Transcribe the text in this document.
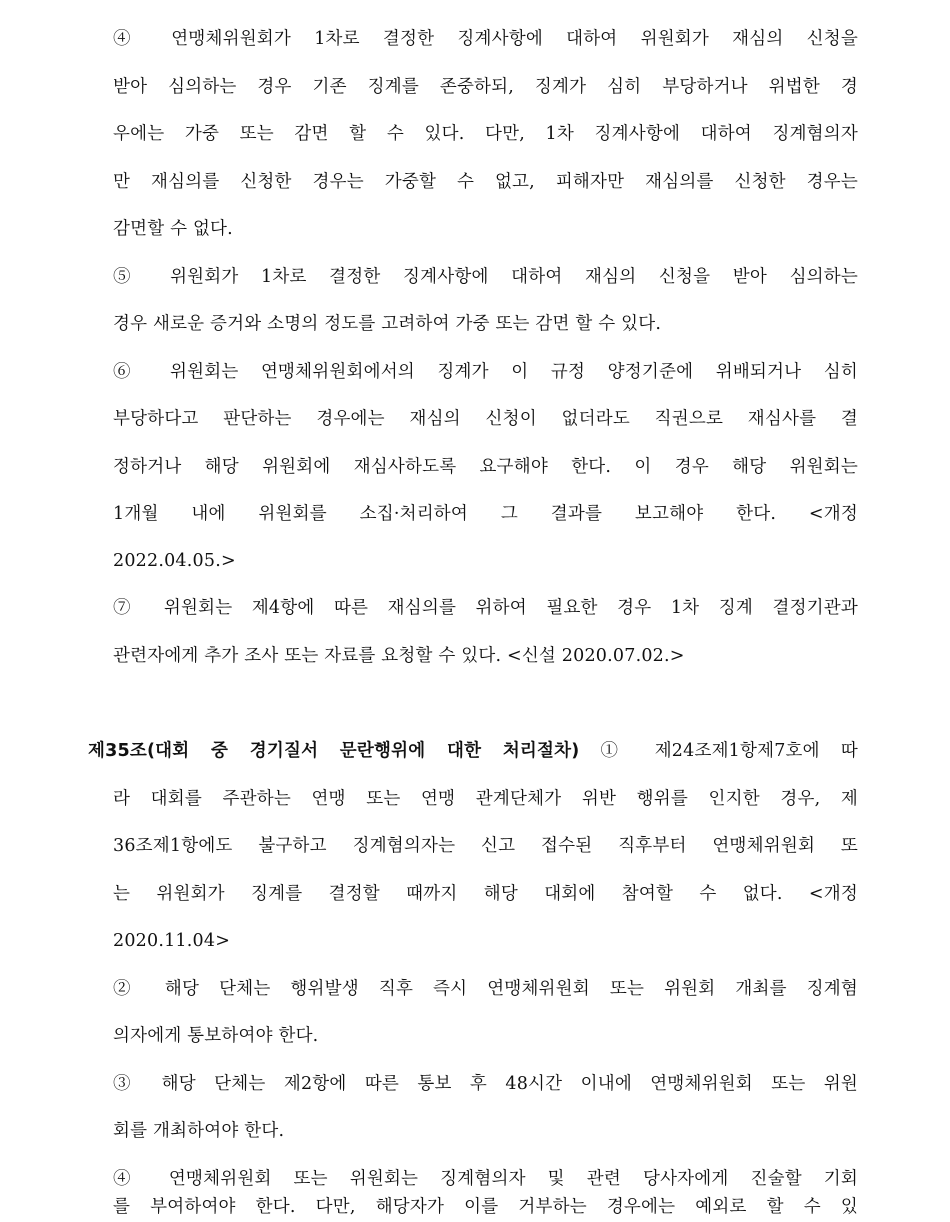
④ 연맹체위원회가 1차로 결정한 징계사항에 대하여 위원회가 재심의 신청을
받아 심의하는 경우 기존 징계를 존중하되, 징계가 심히 부당하거나 위법한 경
우에는 가중 또는 감면 할 수 있다. 다만, 1차 징계사항에 대하여 징계혐의자
만 재심의를 신청한 경우는 가중할 수 없고, 피해자만 재심의를 신청한 경우는
감면할 수 없다.
⑤ 위원회가 1차로 결정한 징계사항에 대하여 재심의 신청을 받아 심의하는
경우 새로운 증거와 소명의 정도를 고려하여 가중 또는 감면 할 수 있다.
⑥ 위원회는 연맹체위원회에서의 징계가 이 규정 양정기준에 위배되거나 심히
부당하다고 판단하는 경우에는 재심의 신청이 없더라도 직권으로 재심사를 결
정하거나 해당 위원회에 재심사하도록 요구해야 한다. 이 경우 해당 위원회는
1개월 내에 위원회를 소집·처리하여 그 결과를 보고해야 한다. <개정
2022.04.05.>
⑦ 위원회는 제4항에 따른 재심의를 위하여 필요한 경우 1차 징계 결정기관과
관련자에게 추가 조사 또는 자료를 요청할 수 있다. <신설 2020.07.02.>
제35조(대회 중 경기질서 문란행위에 대한 처리절차) ① 제24조제1항제7호에 따
라 대회를 주관하는 연맹 또는 연맹 관계단체가 위반 행위를 인지한 경우, 제
36조제1항에도 불구하고 징계혐의자는 신고 접수된 직후부터 연맹체위원회 또
는 위원회가 징계를 결정할 때까지 해당 대회에 참여할 수 없다. <개정
2020.11.04>
② 해당 단체는 행위발생 직후 즉시 연맹체위원회 또는 위원회 개최를 징계혐
의자에게 통보하여야 한다.
③ 해당 단체는 제2항에 따른 통보 후 48시간 이내에 연맹체위원회 또는 위원
회를 개최하여야 한다.
④ 연맹체위원회 또는 위원회는 징계혐의자 및 관련 당사자에게 진술할 기회
를 부여하여야 한다. 다만, 해당자가 이를 거부하는 경우에는 예외로 할 수 있
